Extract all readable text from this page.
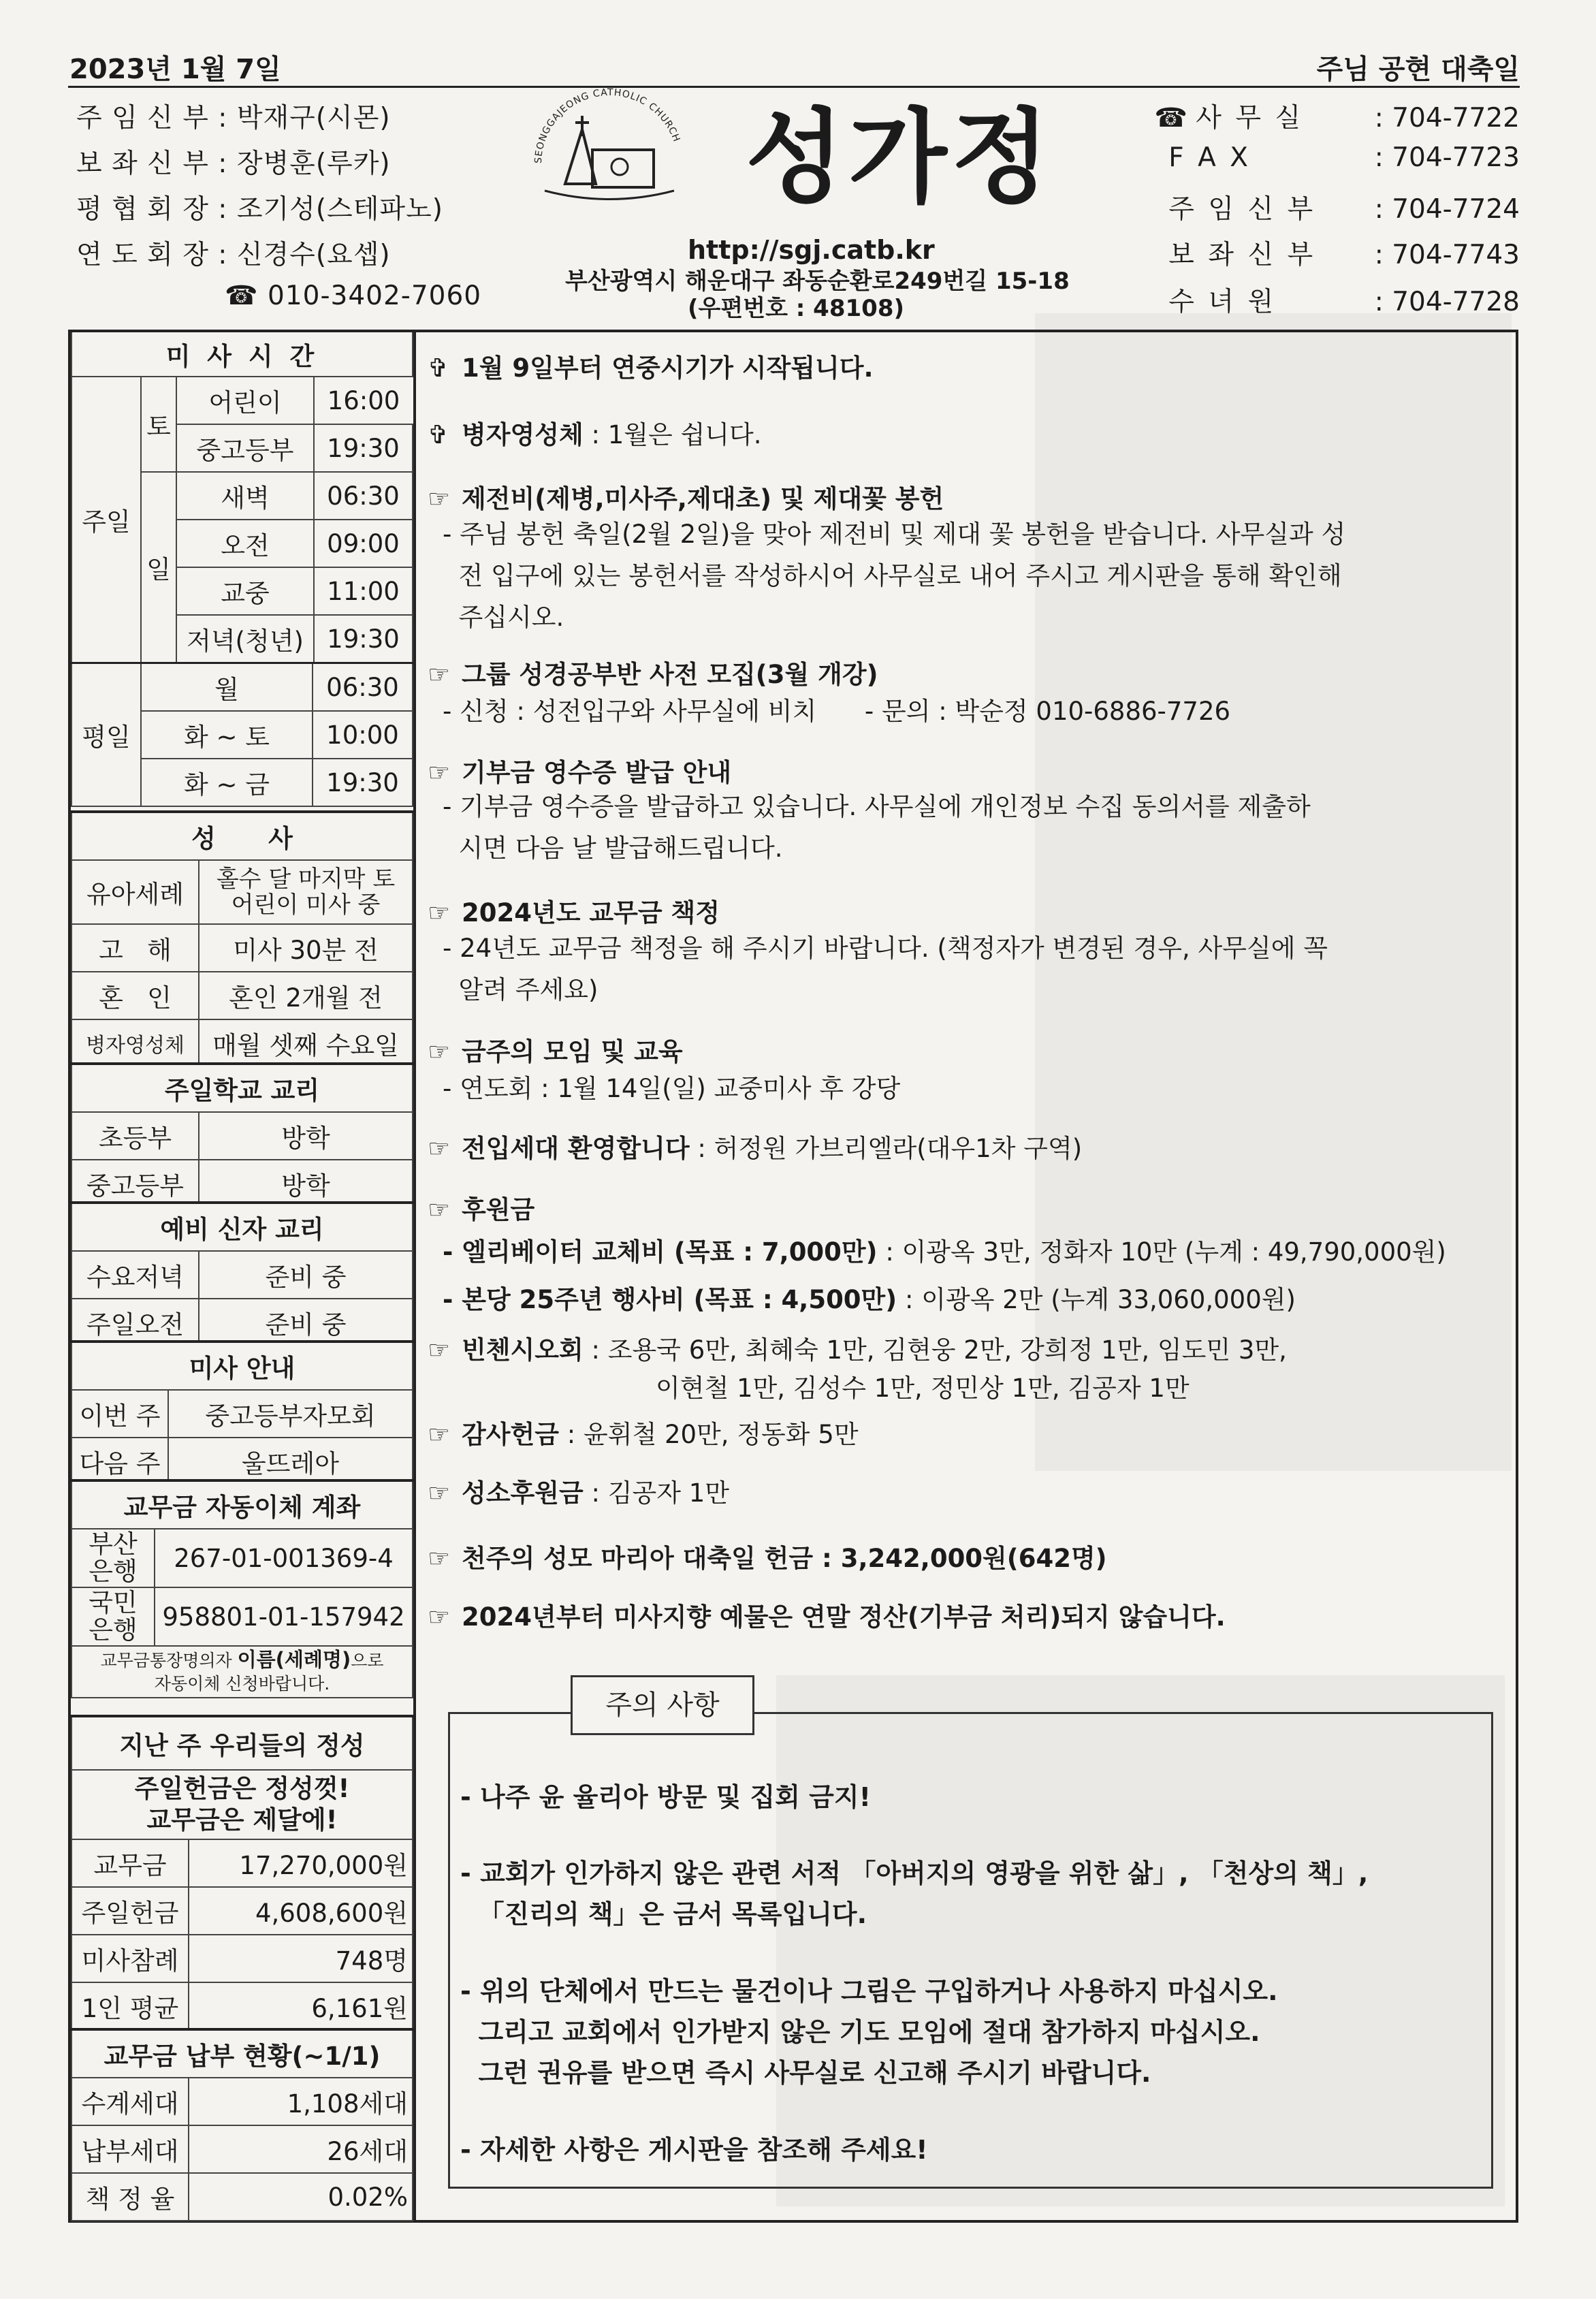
2023년 1월 7일	주님 공현 대축일
주 임 신 부 : 박재구(시몬)
보 좌 신 부 : 장병훈(루카)
평 협 회 장 : 조기성(스테파노)
연 도 회 장 : 신경수(요셉)
☎ 010-3402-7060
SEONGGAJEONG CATHOLIC CHURCH 성가정
http://sgj.catb.kr
부산광역시 해운대구 좌동순환로249번길 15-18
(우편번호 : 48108)
☎ 사 무 실 : 704-7722
F A X	: 704-7723
주 임 신 부 : 704-7724
보 좌 신 부 : 704-7743
수 녀 원	: 704-7728
미 사 시 간
주일	토	
어린이	16:00

중고등부	19:30

일	
새벽	06:30

오전	09:00

교중	11:00

저녁(청년)	19:30

평일	
월	06:30

화 ~ 토	10:00

화 ~ 금	19:30
성      사	
유아세례	홀수 달 마지막 토
어린이 미사 중

고   해	미사 30분 전
혼   인	혼인 2개월 전
병자영성체	매월 셋째 수요일
주일학교 교리	
초등부	방학
중고등부	방학
예비 신자 교리	
수요저녁	준비 중
주일오전	준비 중
미사 안내	
이번 주	중고등부자모회
다음 주	울뜨레아
교무금 자동이체 계좌	

부산
은행	267-01-001369-4

국민
은행	958801-01-157942

교무금통장명의자 이름(세례명)으로
자동이체 신청바랍니다.	
지난 주 우리들의 정성	

주일헌금은 정성껏!
교무금은 제달에!	

교무금	17,270,000원
주일헌금	4,608,600원
미사참례	748명
1인 평균	6,161원
교무금 납부 현황(~1/1)	
수계세대	1,108세대
납부세대	26세대
책 정 율	0.02%
✞ 1월 9일부터 연중시기가 시작됩니다.
✞ 병자영성체 : 1월은 쉽니다.
☞ 제전비(제병,미사주,제대초) 및 제대꽃 봉헌
- 주님 봉헌 축일(2월 2일)을 맞아 제전비 및 제대 꽃 봉헌을 받습니다. 사무실과 성
전 입구에 있는 봉헌서를 작성하시어 사무실로 내어 주시고 게시판을 통해 확인해
주십시오.
☞ 그룹 성경공부반 사전 모집(3월 개강)
- 신청 : 성전입구와 사무실에 비치      - 문의 : 박순정 010-6886-7726
☞ 기부금 영수증 발급 안내
- 기부금 영수증을 발급하고 있습니다. 사무실에 개인정보 수집 동의서를 제출하
시면 다음 날 발급해드립니다.
☞ 2024년도 교무금 책정
- 24년도 교무금 책정을 해 주시기 바랍니다. (책정자가 변경된 경우, 사무실에 꼭
알려 주세요)
☞ 금주의 모임 및 교육
- 연도회 : 1월 14일(일) 교중미사 후 강당
☞ 전입세대 환영합니다 : 허정원 가브리엘라(대우1차 구역)
☞ 후원금
- 엘리베이터 교체비 (목표 : 7,000만) : 이광옥 3만, 정화자 10만 (누계 : 49,790,000원)
- 본당 25주년 행사비 (목표 : 4,500만) : 이광옥 2만 (누계 33,060,000원)
☞ 빈첸시오회 : 조용국 6만, 최혜숙 1만, 김현웅 2만, 강희정 1만, 임도민 3만,
이현철 1만, 김성수 1만, 정민상 1만, 김공자 1만
☞ 감사헌금 : 윤휘철 20만, 정동화 5만
☞ 성소후원금 : 김공자 1만
☞ 천주의 성모 마리아 대축일 헌금 : 3,242,000원(642명)
☞ 2024년부터 미사지향 예물은 연말 정산(기부금 처리)되지 않습니다.
주의 사항
- 나주 윤 율리아 방문 및 집회 금지!
- 교회가 인가하지 않은 관련 서적 「아버지의 영광을 위한 삶」, 「천상의 책」,
「진리의 책」은 금서 목록입니다.
- 위의 단체에서 만드는 물건이나 그림은 구입하거나 사용하지 마십시오.
그리고 교회에서 인가받지 않은 기도 모임에 절대 참가하지 마십시오.
그런 권유를 받으면 즉시 사무실로 신고해 주시기 바랍니다.
- 자세한 사항은 게시판을 참조해 주세요!
